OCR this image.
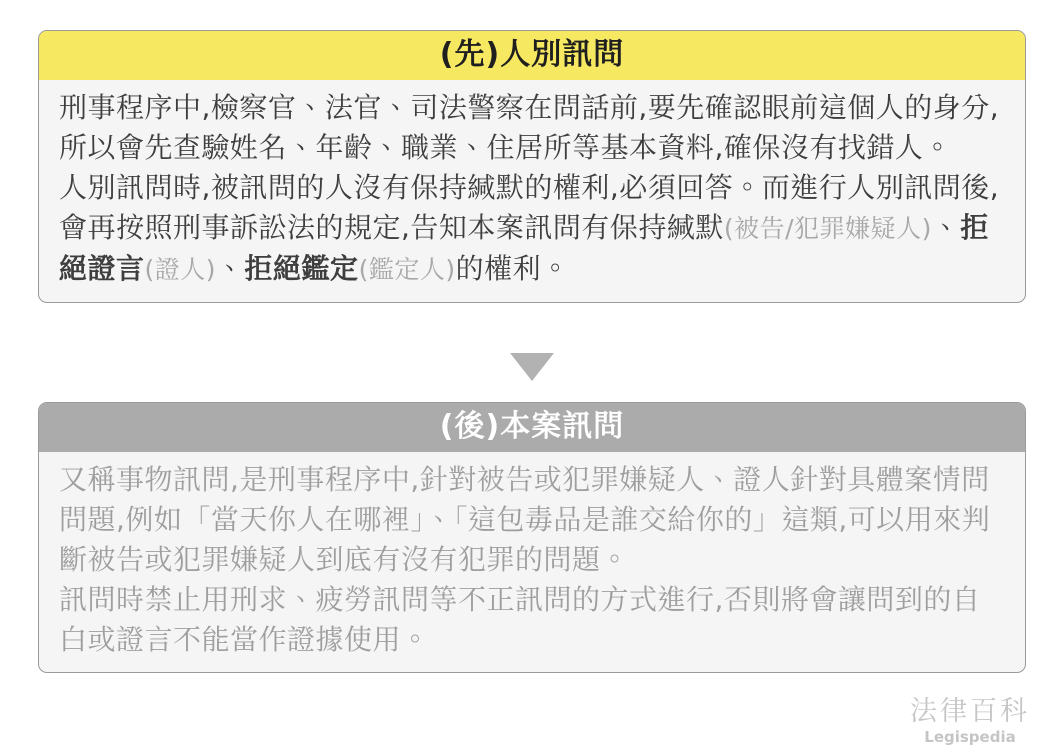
(先)人別訊問
刑事程序中,檢察官、法官、司法警察在問話前,要先確認眼前這個人的身分,所以會先查驗姓名、年齡、職業、住居所等基本資料,確保沒有找錯人。
人別訊問時,被訊問的人沒有保持緘默的權利,必須回答。而進行人別訊問後,會再按照刑事訴訟法的規定,告知本案訊問有保持緘默(被告/犯罪嫌疑人)、拒絕證言(證人)、拒絕鑑定(鑑定人)的權利。
(後)本案訊問
又稱事物訊問,是刑事程序中,針對被告或犯罪嫌疑人、證人針對具體案情問問題,例如「當天你人在哪裡」、「這包毒品是誰交給你的」這類,可以用來判斷被告或犯罪嫌疑人到底有沒有犯罪的問題。
訊問時禁止用刑求、疲勞訊問等不正訊問的方式進行,否則將會讓問到的自白或證言不能當作證據使用。
法律百科
Legispedia
